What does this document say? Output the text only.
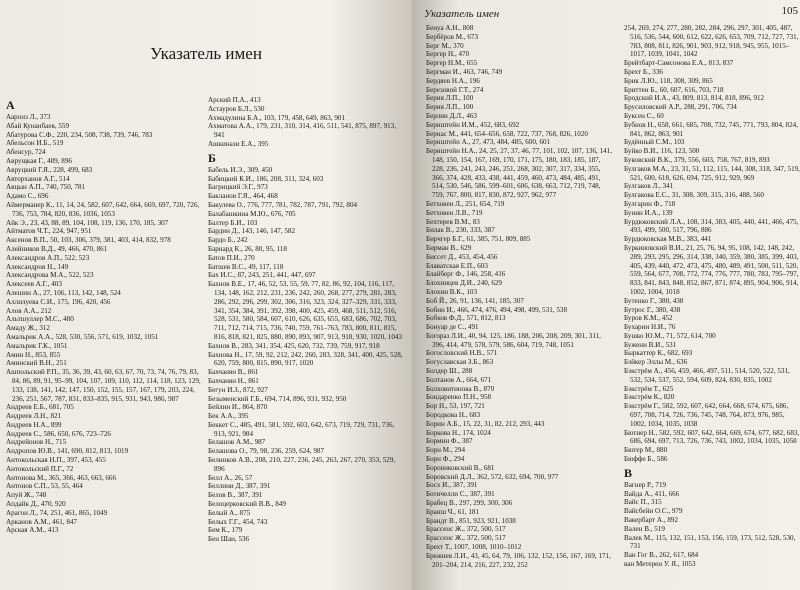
Указатель имен
А
Ааронз Л., 373
Абай Кунанбаев, 559
Абатурова С.Ф., 220, 234, 508, 738, 739, 746, 783
Абельсон И.Б., 519
Абенсур, 724
Аврущкая Г., 489, 896
Авруцкий Г.Я., 228, 499, 683
Авторханов А.Г., 514
Авцын А.П., 740, 750, 781
Адамо С., 696
Аймерманер К., 11, 14, 24, 582, 607, 642, 664, 669, 697, 720, 726, 736, 753, 784, 820, 836, 1036, 1053
Айк Э., 23, 43, 88, 89, 104, 108, 119, 136, 170, 185, 307
Айтматов Ч.Т., 224, 947, 951
Аксенов В.П., 50, 103, 306, 379, 381, 403, 414, 832, 978
Алейников В.Д., 49, 466, 470, 861
Александров А.П., 522, 523
Александров Н., 149
Александрова М.А., 522, 523
Алексеев А.Г., 403
Алешин А., 27, 106, 113, 142, 148, 524
Аллилуева С.И., 175, 196, 420, 456
Алов А.А., 212
Альтшуллер М.С., 480
Амаду Ж., 312
Амальрик А.А., 528, 530, 556, 571, 619, 1032, 1051
Амальрик Г.К., 1051
Амин Н., 853, 855
Аминский В.Н., 251
Ашпольский Р.П., 35, 36, 39, 43, 60, 63, 67, 70, 73, 74, 76, 79, 83, 84, 86, 89, 91, 95–99, 104, 107, 109, 110, 112, 114, 118, 123, 129, 133, 138, 141, 142, 147, 150, 152, 155, 157, 167, 179, 203, 224, 236, 251, 567, 787, 831, 833–835, 915, 931, 943, 986, 987
Андреев Е.Б., 681, 705
Андреев Л.Н., 821
Андреев Н.А., 899
Андреев С., 586, 650, 676, 723–726
Андрейонов Н., 715
Андропов Ю.В., 141, 690, 812, 813, 1019
Антокольская Н.П., 397, 453, 455
Антокольский П.Г., 72
Антонова М., 365, 366, 463, 663, 666
Антонов С.П., 53, 55, 464
Апуй Ж., 748
Апдайк Д., 470, 920
Арагон Л., 74, 251, 461, 865, 1049
Арканов А.М., 461, 847
Арская А.М., 413
Арский П.А., 413
Астауров Б.Л., 530
Ахмадулина Б.А., 103, 179, 458, 649, 863, 901
Ахматова А.А., 179, 231, 310, 314, 416, 511, 541, 875, 897, 913, 941
Ашкинази Е.А., 395
Б
Бабель И.Э., 309, 450
Бабицкий К.И., 186, 208, 311, 324, 603
Багрицкий Э.Г., 973
Бакланов Г.Я., 464, 468
Бакулева О., 776, 777, 781, 782, 787, 791, 792, 804
Балабашкина М.Ю., 676, 705
Балтер Б.И., 103
Бардин Д., 143, 146, 147, 582
Бардо Б., 242
Барнард К., 26, 80, 95, 118
Батов П.И., 270
Батшев В.С., 49, 117, 118
Бах И.С., 87, 243, 251, 441, 447, 697
Бахнов В.Е., 17, 46, 52, 53, 55, 59, 77, 82, 86, 92, 104, 116, 117, 134, 148, 162, 212, 231, 236, 242, 260, 268, 277, 279, 281, 283, 286, 292, 296, 299, 302, 306, 316, 323, 324, 327–329, 331, 333, 341, 354, 384, 391, 392, 398, 400, 425, 459, 468, 511, 512, 516, 528, 531, 580, 584, 607, 610, 626, 635, 655, 683, 686, 702, 703, 711, 712, 714, 715, 736, 740, 759, 761–763, 783, 800, 811, 815, 816, 818, 821, 825, 880, 890, 893, 907, 913, 918, 930, 1020, 1043
Бахнов В., 283, 341, 354, 425, 620, 732, 739, 759, 917, 918
Бахнова Н., 17, 59, 92, 212, 242, 260, 283, 328, 341, 400, 425, 528, 620, 759, 800, 815, 890, 917, 1020
Бахчанян В., 861
Бахчанян Н., 861
Бегун И.З., 872, 927
Безыменский Г.Б., 694, 714, 896, 931, 932, 950
Бейлин И., 864, 870
Бек А.А., 395
Беккет С., 485, 491, 581, 592, 603, 642, 673, 719, 729, 731, 736, 913, 921, 984
Белашов А.М., 987
Белашова О., 79, 98, 236, 259, 624, 987
Белинков А.В., 208, 210, 227, 236, 245, 263, 267, 270, 353, 529, 896
Белл А., 26, 57
Беллини Д., 387, 391
Белов В., 387, 391
Белоцерковский В.В., 849
Белый А., 875
Белых Г.Г., 454, 743
Бем К., 179
Бен Шан, 536
Указатель имен	105
Бенуа А.Н., 808
Бербёров М., 673
Берг М., 370
Бергер Н., 470
Бергер Н.М., 655
Бергман И., 463, 746, 749
Бердяев Н.А., 196
Березовой Г.Т., 274
Берия Л.П., 100
Берия Л.П., 100
Берлин Д.Л., 463
Бернштейн И.М., 452, 683, 692
Бернас М., 441, 654–656, 658, 722, 737, 768, 826, 1020
Бернштейн А., 27, 473, 484, 485, 600, 601
Бернштейн Н.А., 24, 25, 27, 37, 46, 77, 101, 102, 107, 136, 141, 148, 150, 154, 167, 169, 170, 171, 175, 180, 183, 185, 187, 228, 236, 241, 243, 246, 251, 268, 302, 307, 317, 334, 355, 366, 374, 428, 433, 438, 441, 459, 460, 473, 484, 485, 491, 514, 530, 546, 586, 599–601, 606, 638, 663, 712, 719, 748, 759, 767, 800, 817, 830, 872, 927, 962, 977
Бетховен Л., 251, 654, 719
Бетховен Л.В., 719
Бехтерев В.М., 83
Билак В., 230, 333, 387
Бирчгер Б.Г., 61, 385, 751, 809, 885
Бирман В., 629
Биссет Д., 453, 454, 456
Блаватская Е.П., 603
Блайберг Ф., 146, 258, 416
Блохинцев Д.И., 240, 629
Блохин В.К., 103
Боб Й., 26, 91, 136, 141, 185, 307
Бобин И., 466, 474, 476, 494, 498, 499, 531, 538
Бобков Ф.Д., 571, 812, 813
Бонуар де С., 491
Богораз Л.И., 40, 94, 125, 186, 188, 206, 208, 209, 301, 311, 396, 414, 479, 578, 579, 586, 604, 719, 748, 1051
Богословский Н.В., 571
Богуславская З.Б., 863
Болдер Ш., 288
Болтанов А., 664, 671
Болховитинова В., 870
Бондаренко П.Н., 958
Бор Н., 53, 197, 721
Бородкова Н., 683
Борин А.Б., 15, 22, 31, 82, 212, 293, 443
Боркова Н., 174, 1024
Бормин Ф., 387
Борн М., 294
Борн Ф., 294
Боровиковский В., 681
Боровский Д.Л., 362, 572, 632, 694, 700, 977
Босх И., 387, 391
Ботичелли С., 387, 391
Брабец В., 297, 299, 300, 306
Бранш Ч., 61, 181
Брандт В., 851, 923, 921, 1038
Брассенс Ж., 372, 500, 517
Брассенс Ж., 372, 500, 517
Брехт Т., 1007, 1008, 1010–1012
Брежнев Л.И., 43, 45, 64, 79, 106, 132, 152, 156, 167, 169, 171, 201–204, 214, 216, 227, 232, 252
254, 269, 274, 277, 280, 282, 284, 296, 297, 301, 405, 487, 516, 536, 544, 600, 612, 622, 626, 653, 709, 712, 727, 731, 783, 808, 811, 826, 901, 903, 912, 918, 945, 955, 1015–1017, 1039, 1041, 1042
Брейтбарт-Самсонова Е.А., 813, 837
Брехт Б., 336
Брик Л.Ю., 118, 308, 309, 865
Бриттен Б., 60, 607, 616, 703, 718
Бродский И.А., 43, 809, 813, 814, 818, 896, 912
Брусиловский А.Р., 288, 291, 706, 734
Буксен С., 60
Бубнов Н., 658, 661, 685, 708, 732, 745, 771, 793, 804, 824, 841, 862, 863, 901
Будённый С.М., 103
Буйко В.И., 116, 123, 500
Буковский В.К., 379, 556, 603, 758, 767, 819, 893
Булгаков М.А., 23, 31, 51, 112, 115, 144, 308, 318, 347, 519, 521, 600, 618, 626, 694, 725, 912, 929, 969
Булгаков Л., 341
Булгакова Е.С., 31, 308, 309, 315, 316, 488, 560
Булгарин Ф., 718
Бунин И.А., 139
Бурдюковский Л.А., 108, 314, 383, 405, 440, 441, 466, 475, 493, 499, 500, 517, 796, 886
Бурдюковская М.В., 383, 441
Буркиновский В.И., 21, 25, 76, 94, 95, 108, 142, 148, 242, 289, 293, 295, 296, 314, 338, 340, 359, 380, 385, 399, 403, 405, 439, 440, 472, 473, 475, 480, 489, 491, 500, 511, 520, 559, 564, 677, 708, 772, 774, 776, 777, 780, 783, 795–797, 833, 841, 843, 848, 852, 867, 871, 874, 895, 904, 906, 914, 1002, 1004, 1018
Бутенко Г., 380, 438
Бутрос Г., 380, 438
Буров К.М., 452
Бухарин Н.И., 76
Бушко Ю.М., 71, 572, 614, 700
Бужени В.И., 531
Быркаттер К., 682, 693
Бэйкер Эллы М., 636
Бэкстрём А., 456, 459, 466, 497, 511, 514, 520, 522, 531, 532, 534, 537, 552, 594, 609, 824, 830, 835, 1002
Бэкстрём Т., 625
Бэкстрём К., 820
Бэкстрём Г., 582, 592, 607, 642, 664, 668, 674, 675, 686, 697, 708, 714, 726, 736, 745, 748, 764, 873, 976, 985, 1002, 1034, 1035, 1038
Бютнер Н., 582, 592, 607, 642, 664, 669, 674, 677, 682, 683, 686, 694, 697, 713, 726, 736, 743, 1002, 1034, 1035, 1058
Бютер М., 880
Бюффе Б., 586
В
Вагнер Р., 719
Вайда А., 411, 666
Вайс П., 315
Вайсбейн О.С., 979
Вакербарт А., 892
Вален В., 519
Валек М., 115, 132, 151, 153, 156, 159, 173, 512, 528, 530, 731
Ван Гог В., 262, 617, 684
ван Метерен У. Я., 1053
